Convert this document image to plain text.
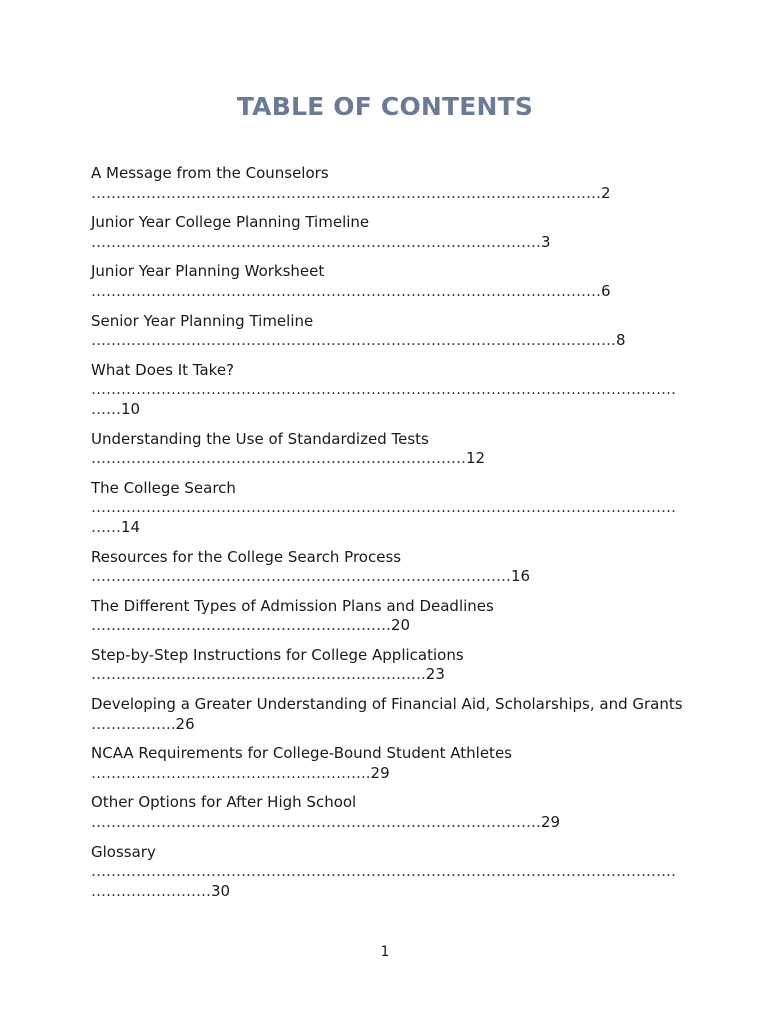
TABLE OF CONTENTS

A Message from the Counselors …………………………………………………………………………………………2

Junior Year College Planning Timeline ………………………………………………………………………………3

Junior Year Planning Worksheet …………………………………………………………………………………………6

Senior Year Planning Timeline ……………………………………………………………………………………………8

What Does It Take? ……………………………………………………………………………………………………………10

Understanding the Use of Standardized Tests …………………………………………………………………12

The College Search ……………………………………………………………………………………………………………14

Resources for the College Search Process …………………………………………………………………………16

The Different Types of Admission Plans and Deadlines ……………………………………………………20

Step-by-Step Instructions for College Applications ………………………………………………………….23

Developing a Greater Understanding of Financial Aid, Scholarships, and Grants ……………..26

NCAA Requirements for College-Bound Student Athletes ………………………………………………..29

Other Options for After High School ………………………………………………………………………………29

Glossary ……………………………………………………………………………………………………………………………30

1
